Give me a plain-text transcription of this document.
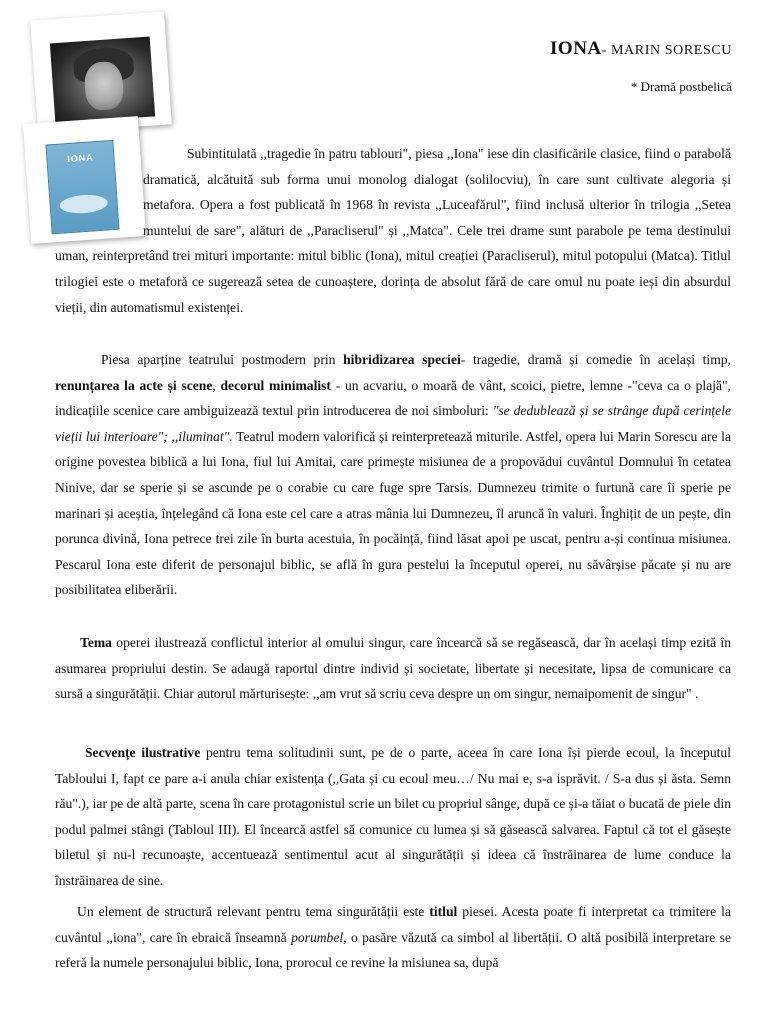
IONA
IONA- MARIN SORESCU
* Dramă postbelică
Subintitulată ,,tragedie în patru tablouri", piesa ,,Iona" iese din clasificările clasice, fiind o parabolă dramatică, alcătuită sub forma unui monolog dialogat (solilocviu), în care sunt cultivate alegoria și metafora. Opera a fost publicată în 1968 în revista ,,Luceafărul", fiind inclusă ulterior în trilogia ,,Setea muntelui de sare", alături de ,,Paracliserul" și ,,Matca". Cele trei drame sunt parabole pe tema destinului uman, reinterpretând trei mituri importante: mitul biblic (Iona), mitul creației (Paracliserul), mitul potopului (Matca). Titlul trilogiei este o metaforă ce sugerează setea de cunoaștere, dorința de absolut fără de care omul nu poate ieși din absurdul vieții, din automatismul existenței.
Piesa aparține teatrului postmodern prin hibridizarea speciei- tragedie, dramă și comedie în același timp, renunțarea la acte și scene, decorul minimalist - un acvariu, o moară de vânt, scoici, pietre, lemne -"ceva ca o plajă", indicațiile scenice care ambiguizează textul prin introducerea de noi simboluri: "se dedublează și se strânge după cerințele vieții lui interioare"; ,,iluminat". Teatrul modern valorifică și reinterpretează miturile. Astfel, opera lui Marin Sorescu are la origine povestea biblică a lui Iona, fiul lui Amitai, care primește misiunea de a propovădui cuvântul Domnului în cetatea Ninive, dar se sperie și se ascunde pe o corabie cu care fuge spre Tarsis. Dumnezeu trimite o furtună care îi sperie pe marinari și aceștia, înțelegând că Iona este cel care a atras mânia lui Dumnezeu, îl aruncă în valuri. Înghițit de un pește, din porunca divină, Iona petrece trei zile în burta acestuia, în pocăință, fiind lăsat apoi pe uscat, pentru a-și continua misiunea. Pescarul Iona este diferit de personajul biblic, se află în gura pestelui la începutul operei, nu săvârșise păcate și nu are posibilitatea eliberării.
Tema operei ilustrează conflictul interior al omului singur, care încearcă să se regăsească, dar în același timp ezită în asumarea propriului destin. Se adaugă raportul dintre individ și societate, libertate și necesitate, lipsa de comunicare ca sursă a singurătății. Chiar autorul mărturisește: ,,am vrut să scriu ceva despre un om singur, nemaipomenit de singur" .
Secvențe ilustrative pentru tema solitudinii sunt, pe de o parte, aceea în care Iona își pierde ecoul, la începutul Tabloului I, fapt ce pare a-i anula chiar existența (,,Gata și cu ecoul meu…/ Nu mai e, s-a isprăvit. / S-a dus și ăsta. Semn rău".), iar pe de altă parte, scena în care protagonistul scrie un bilet cu propriul sânge, după ce și-a tăiat o bucată de piele din podul palmei stângi (Tabloul III). El încearcă astfel să comunice cu lumea și să găsească salvarea. Faptul că tot el găsește biletul și nu-l recunoaște, accentuează sentimentul acut al singurătății și ideea că înstrăinarea de lume conduce la înstrăinarea de sine.
Un element de structură relevant pentru tema singurătății este titlul piesei. Acesta poate fi interpretat ca trimitere la cuvântul ,,iona", care în ebraică înseamnă porumbel, o pasăre văzută ca simbol al libertății. O altă posibilă interpretare se referă la numele personajului biblic, Iona, prorocul ce revine la misiunea sa, după
